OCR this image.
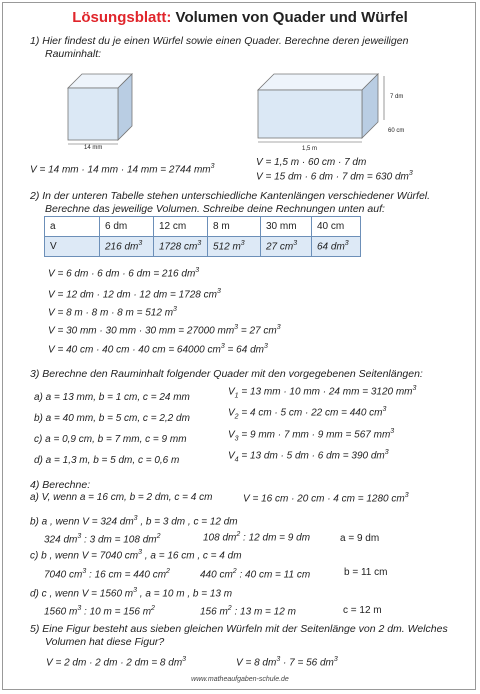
Lösungsblatt: Volumen von Quader und Würfel
1) Hier findest du je einen Würfel sowie einen Quader. Berechne deren jeweiligen
Rauminhalt:
14 mm	1,5 m
7 dm
60 cm
V = 14 mm · 14 mm · 14 mm = 2744 $mm^3$	V = 1,5 m · 60 cm · 7 dm
V = 15 dm · 6 dm · 7 dm = 630 $dm^3$
2) In der unteren Tabelle stehen unterschiedliche Kantenlängen verschiedener Würfel.
Berechne das jeweilige Volumen. Schreibe deine Rechnungen unten auf:
a	6 dm	12 cm	8 m	30 mm	40 cm
V	216 $dm^3$	1728 $cm^3$	512 $m^3$	27 $cm^3$	64 $dm^3$
V = 6 dm · 6 dm · 6 dm = 216 $dm^3$
V = 12 dm · 12 dm · 12 dm = 1728 $cm^3$
V = 8 m · 8 m · 8 m = 512 $m^3$
V = 30 mm · 30 mm · 30 mm = 27000 $mm^3 = 27$ $cm^3$
V = 40 cm · 40 cm · 40 cm = 64000 $cm^3 = 64$ $dm^3$
3) Berechne den Rauminhalt folgender Quader mit den vorgegebenen Seitenlängen:
a) a = 13 mm, b = 1 cm, c = 24 mm
b) a = 40 mm, b = 5 cm, c = 2,2 dm
c) a = 0,9 cm, b = 7 mm, c = 9 mm
d) a = 1,3 m, b = 5 dm, c = 0,6 m
$V_1 = 13$ mm · 10 mm · 24 mm = 3120 $mm^3$
$V_2 = 4$ cm · 5 cm · 22 cm = 440 $cm^3$
$V_3 = 9$ mm · 7 mm · 9 mm = 567 $mm^3$
$V_4 = 13$ dm · 5 dm · 6 dm = 390 $dm^3$
4) Berechne:
a) V, wenn a = 16 cm, b = 2 dm, c = 4 cm	V = 16 cm · 20 cm · 4 cm = 1280 $cm^3$
b) a , wenn V = 324 $dm^3$ , b = 3 dm , c = 12 dm
324 $dm^3$ : 3 dm = 108 $dm^2$	108 $dm^2$ : 12 dm = 9 dm	a = 9 dm
c) b , wenn V = 7040 $cm^3$ , a = 16 cm , c = 4 dm
7040 $cm^3$ : 16 cm = 440 $cm^2$	440 $cm^2$ : 40 cm = 11 cm	b = 11 cm
d) c , wenn V = 1560 $m^3$ , a = 10 m , b = 13 m
1560 $m^3$ : 10 m = 156 $m^2$	156 $m^2$ : 13 m = 12 m	c = 12 m
5) Eine Figur besteht aus sieben gleichen Würfeln mit der Seitenlänge von 2 dm. Welches
Volumen hat diese Figur?
V = 2 dm · 2 dm · 2 dm = 8 $dm^3$	V = 8 $dm^3 \cdot 7 = 56$ $dm^3$
www.matheaufgaben-schule.de
